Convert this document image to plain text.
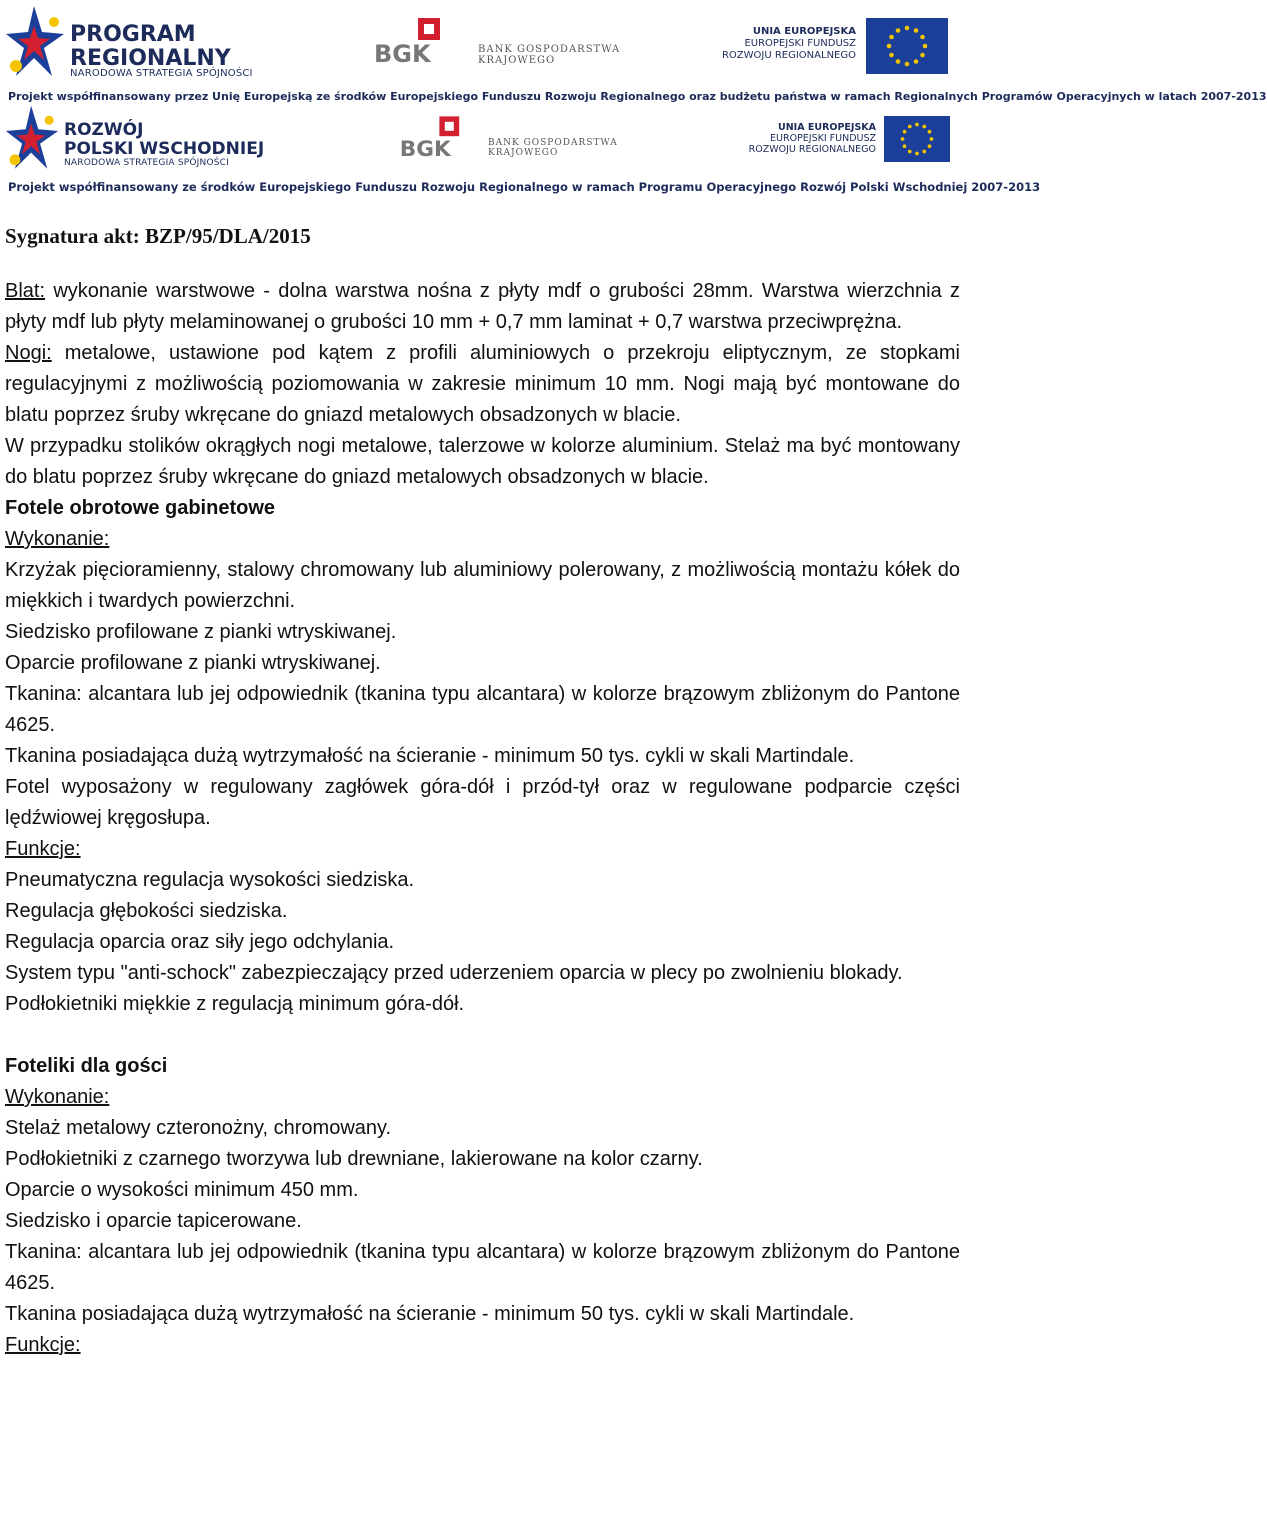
PROGRAM
REGIONALNY
NARODOWA STRATEGIA SPÓJNOŚCI
BGK	BANK GOSPODARSTWA
KRAJOWEGO
UNIA EUROPEJSKA
EUROPEJSKI FUNDUSZ
ROZWOJU REGIONALNEGO
Projekt współfinansowany przez Unię Europejską ze środków Europejskiego Funduszu Rozwoju Regionalnego oraz budżetu państwa w ramach Regionalnych Programów Operacyjnych w latach 2007-2013
ROZWÓJ
POLSKI WSCHODNIEJ
NARODOWA STRATEGIA SPÓJNOŚCI
BGK	BANK GOSPODARSTWA
KRAJOWEGO
UNIA EUROPEJSKA
EUROPEJSKI FUNDUSZ
ROZWOJU REGIONALNEGO
Projekt współfinansowany ze środków Europejskiego Funduszu Rozwoju Regionalnego w ramach Programu Operacyjnego Rozwój Polski Wschodniej 2007-2013
Sygnatura akt: BZP/95/DLA/2015

Blat: wykonanie warstwowe - dolna warstwa nośna z płyty mdf o grubości 28mm. Warstwa wierzchnia z płyty mdf lub płyty melaminowanej o grubości 10 mm + 0,7 mm laminat + 0,7 warstwa przeciwprężna.

Nogi: metalowe, ustawione pod kątem z profili aluminiowych o przekroju eliptycznym, ze stopkami regulacyjnymi z możliwością poziomowania w zakresie minimum 10 mm. Nogi mają być montowane do blatu poprzez śruby wkręcane do gniazd metalowych obsadzonych w blacie.

W przypadku stolików okrągłych nogi metalowe, talerzowe w kolorze aluminium. Stelaż ma być montowany do blatu poprzez śruby wkręcane do gniazd metalowych obsadzonych w blacie.

Fotele obrotowe gabinetowe

Wykonanie:

Krzyżak pięcioramienny, stalowy chromowany lub aluminiowy polerowany, z możliwością montażu kółek do miękkich i twardych powierzchni.

Siedzisko profilowane z pianki wtryskiwanej.

Oparcie profilowane z pianki wtryskiwanej.

Tkanina: alcantara lub jej odpowiednik (tkanina typu alcantara) w kolorze brązowym zbliżonym do Pantone 4625.

Tkanina posiadająca dużą wytrzymałość na ścieranie - minimum 50 tys. cykli w skali Martindale.

Fotel wyposażony w regulowany zagłówek góra-dół i przód-tył oraz w regulowane podparcie części lędźwiowej kręgosłupa.

Funkcje:

Pneumatyczna regulacja wysokości siedziska.

Regulacja głębokości siedziska.

Regulacja oparcia oraz siły jego odchylania.

System typu "anti-schock" zabezpieczający przed uderzeniem oparcia w plecy po zwolnieniu blokady.

Podłokietniki miękkie z regulacją minimum góra-dół.

Foteliki dla gości

Wykonanie:

Stelaż metalowy czteronożny, chromowany.

Podłokietniki z czarnego tworzywa lub drewniane, lakierowane na kolor czarny.

Oparcie o wysokości minimum 450 mm.

Siedzisko i oparcie tapicerowane.

Tkanina: alcantara lub jej odpowiednik (tkanina typu alcantara) w kolorze brązowym zbliżonym do Pantone 4625.

Tkanina posiadająca dużą wytrzymałość na ścieranie - minimum 50 tys. cykli w skali Martindale.

Funkcje:
